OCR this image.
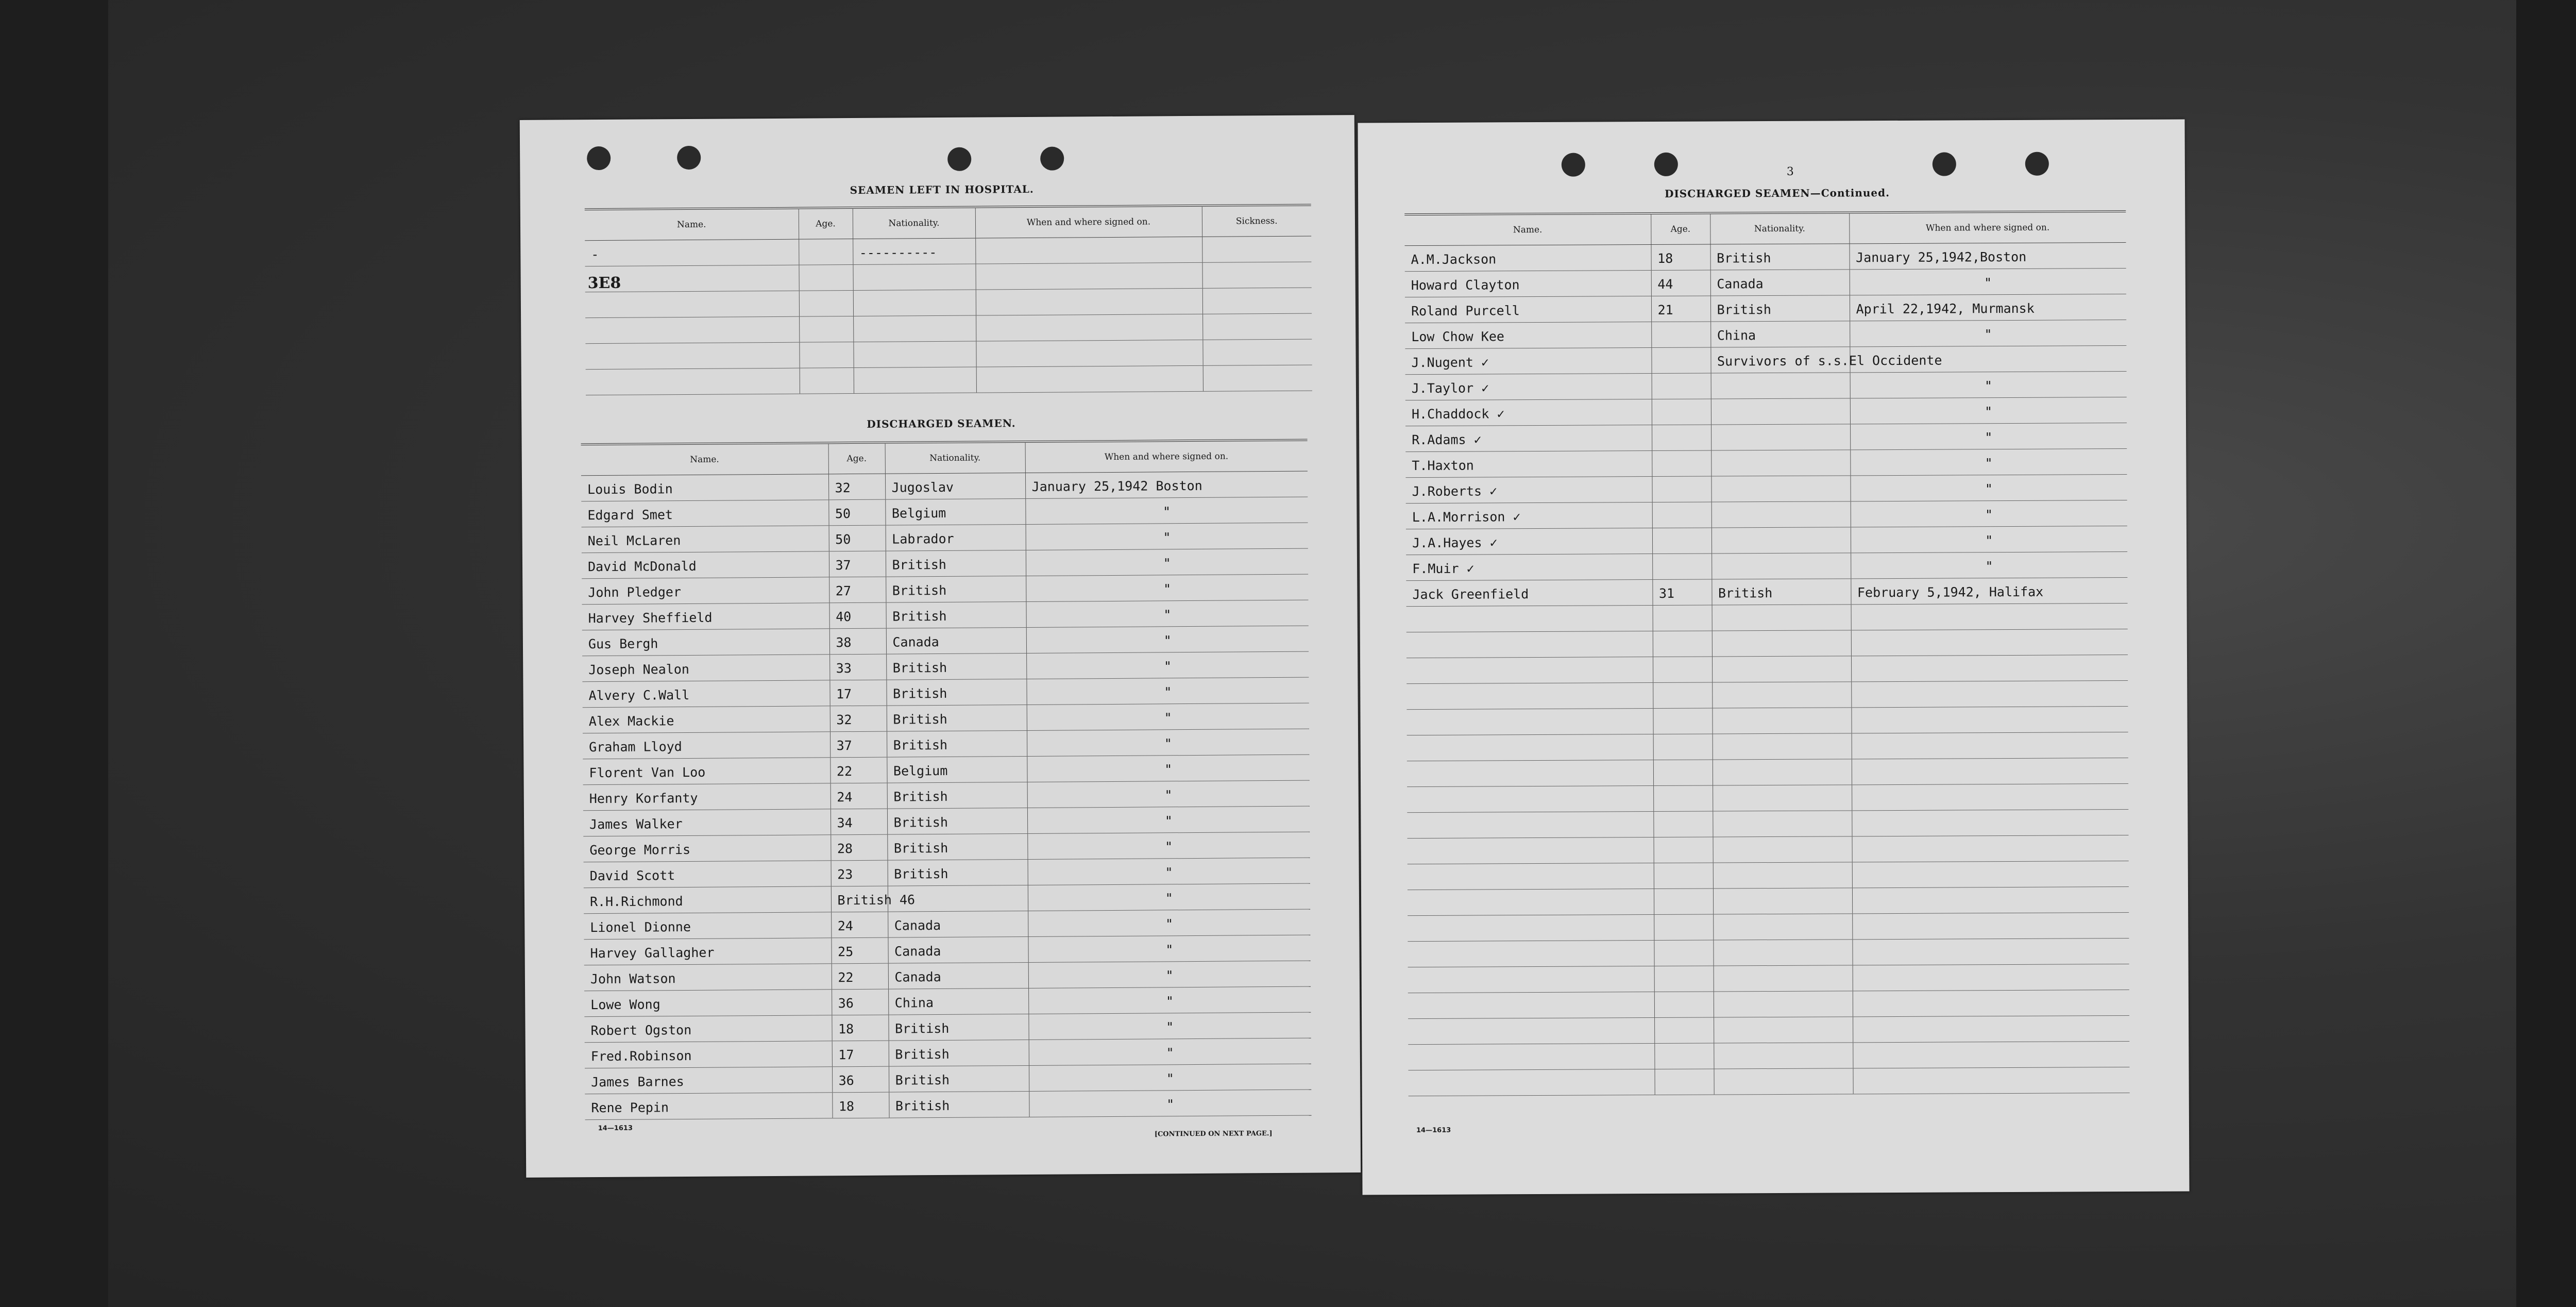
SEAMEN LEFT IN HOSPITAL.
Name.	Age.	Nationality.	When and where signed on.	Sickness.
-		----------		

3E8
DISCHARGED SEAMEN.
Name.	Age.	Nationality.	When and where signed on.
Louis Bodin	32	Jugoslav	January 25,1942 Boston
Edgard Smet	50	Belgium	"
Neil McLaren	50	Labrador	"
David McDonald	37	British	"
John Pledger	27	British	"
Harvey Sheffield	40	British	"
Gus Bergh	38	Canada	"
Joseph Nealon	33	British	"
Alvery C.Wall	17	British	"
Alex Mackie	32	British	"
Graham Lloyd	37	British	"
Florent Van Loo	22	Belgium	"
Henry Korfanty	24	British	"
James Walker	34	British	"
George Morris	28	British	"
David Scott	23	British	"
R.H.Richmond	British 46		"
Lionel Dionne	24	Canada	"
Harvey Gallagher	25	Canada	"
John Watson	22	Canada	"
Lowe Wong	36	China	"
Robert Ogston	18	British	"
Fred.Robinson	17	British	"
James Barnes	36	British	"
Rene Pepin	18	British	"
14—1613
[CONTINUED ON NEXT PAGE.]
3
DISCHARGED SEAMEN—Continued.
Name.	Age.	Nationality.	When and where signed on.
A.M.Jackson	18	British	January 25,1942,Boston
Howard Clayton	44	Canada	"
Roland Purcell	21	British	April 22,1942, Murmansk
Low Chow Kee		China	"
J.Nugent ✓		Survivors of s.s.El Occidente	
J.Taylor ✓			"
H.Chaddock ✓			"
R.Adams ✓			"
T.Haxton			"
J.Roberts ✓			"
L.A.Morrison ✓			"
J.A.Hayes ✓			"
F.Muir ✓			"
Jack Greenfield	31	British	February 5,1942, Halifax

14—1613
